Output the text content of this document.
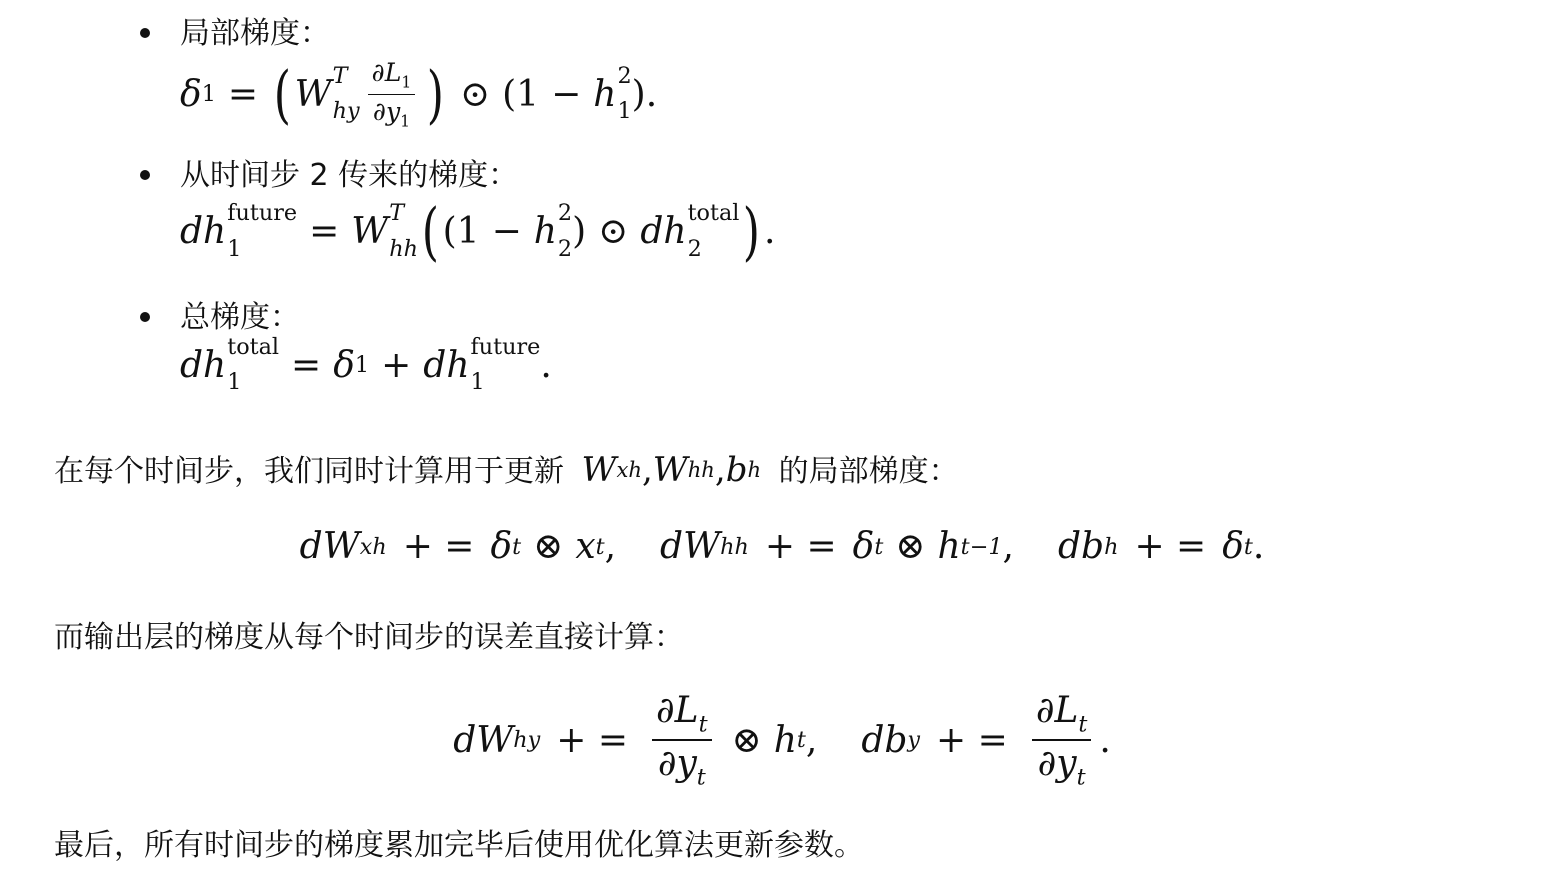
局部梯度：
δ 1 = ( W T
hy $\frac{\partial L_1}{\partial y_1}$ ) ⊙ ( 1 − h 2
1 ) .
从时间步 2 传来的梯度：
d h future
1	= W T
hh ( ( 1 − h 2
2 ) ⊙ d h total
2 ) .
总梯度：
d h total
1	= δ 1 + d h future
1	.
在每个时间步，我们同时计算用于更新 W xh , W hh , b h 的局部梯度：
d W xh + = δ t ⊗ x t , d W hh + = δ t ⊗ h t−1 , d b h + = δ t .
而输出层的梯度从每个时间步的误差直接计算：
d W hy + = $\frac{\partial L_t}{\partial y_t}$ ⊗ h t , d b y + = $\frac{\partial L_t}{\partial y_t}$ .
最后，所有时间步的梯度累加完毕后使用优化算法更新参数。
